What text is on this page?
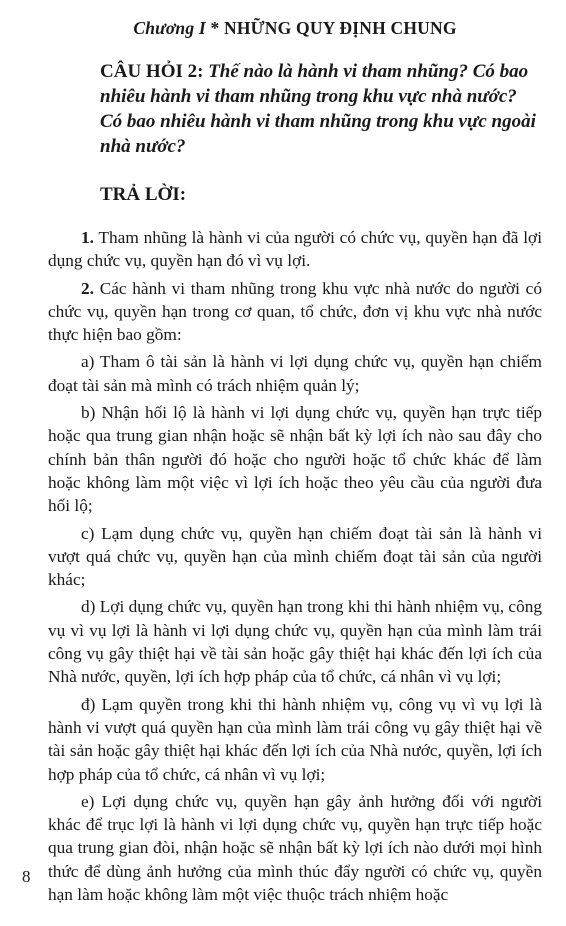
Chương I * NHỮNG QUY ĐỊNH CHUNG
CÂU HỎI 2: Thế nào là hành vi tham nhũng? Có bao nhiêu hành vi tham nhũng trong khu vực nhà nước? Có bao nhiêu hành vi tham nhũng trong khu vực ngoài nhà nước?
TRẢ LỜI:

1. Tham nhũng là hành vi của người có chức vụ, quyền hạn đã lợi dụng chức vụ, quyền hạn đó vì vụ lợi.

2. Các hành vi tham nhũng trong khu vực nhà nước do người có chức vụ, quyền hạn trong cơ quan, tổ chức, đơn vị khu vực nhà nước thực hiện bao gồm:

a) Tham ô tài sản là hành vi lợi dụng chức vụ, quyền hạn chiếm đoạt tài sản mà mình có trách nhiệm quản lý;

b) Nhận hối lộ là hành vi lợi dụng chức vụ, quyền hạn trực tiếp hoặc qua trung gian nhận hoặc sẽ nhận bất kỳ lợi ích nào sau đây cho chính bản thân người đó hoặc cho người hoặc tổ chức khác để làm hoặc không làm một việc vì lợi ích hoặc theo yêu cầu của người đưa hối lộ;

c) Lạm dụng chức vụ, quyền hạn chiếm đoạt tài sản là hành vi vượt quá chức vụ, quyền hạn của mình chiếm đoạt tài sản của người khác;

d) Lợi dụng chức vụ, quyền hạn trong khi thi hành nhiệm vụ, công vụ vì vụ lợi là hành vi lợi dụng chức vụ, quyền hạn của mình làm trái công vụ gây thiệt hại về tài sản hoặc gây thiệt hại khác đến lợi ích của Nhà nước, quyền, lợi ích hợp pháp của tổ chức, cá nhân vì vụ lợi;

đ) Lạm quyền trong khi thi hành nhiệm vụ, công vụ vì vụ lợi là hành vi vượt quá quyền hạn của mình làm trái công vụ gây thiệt hại về tài sản hoặc gây thiệt hại khác đến lợi ích của Nhà nước, quyền, lợi ích hợp pháp của tổ chức, cá nhân vì vụ lợi;

e) Lợi dụng chức vụ, quyền hạn gây ảnh hưởng đối với người khác để trục lợi là hành vi lợi dụng chức vụ, quyền hạn trực tiếp hoặc qua trung gian đòi, nhận hoặc sẽ nhận bất kỳ lợi ích nào dưới mọi hình thức để dùng ảnh hưởng của mình thúc đẩy người có chức vụ, quyền hạn làm hoặc không làm một việc thuộc trách nhiệm hoặc

8
